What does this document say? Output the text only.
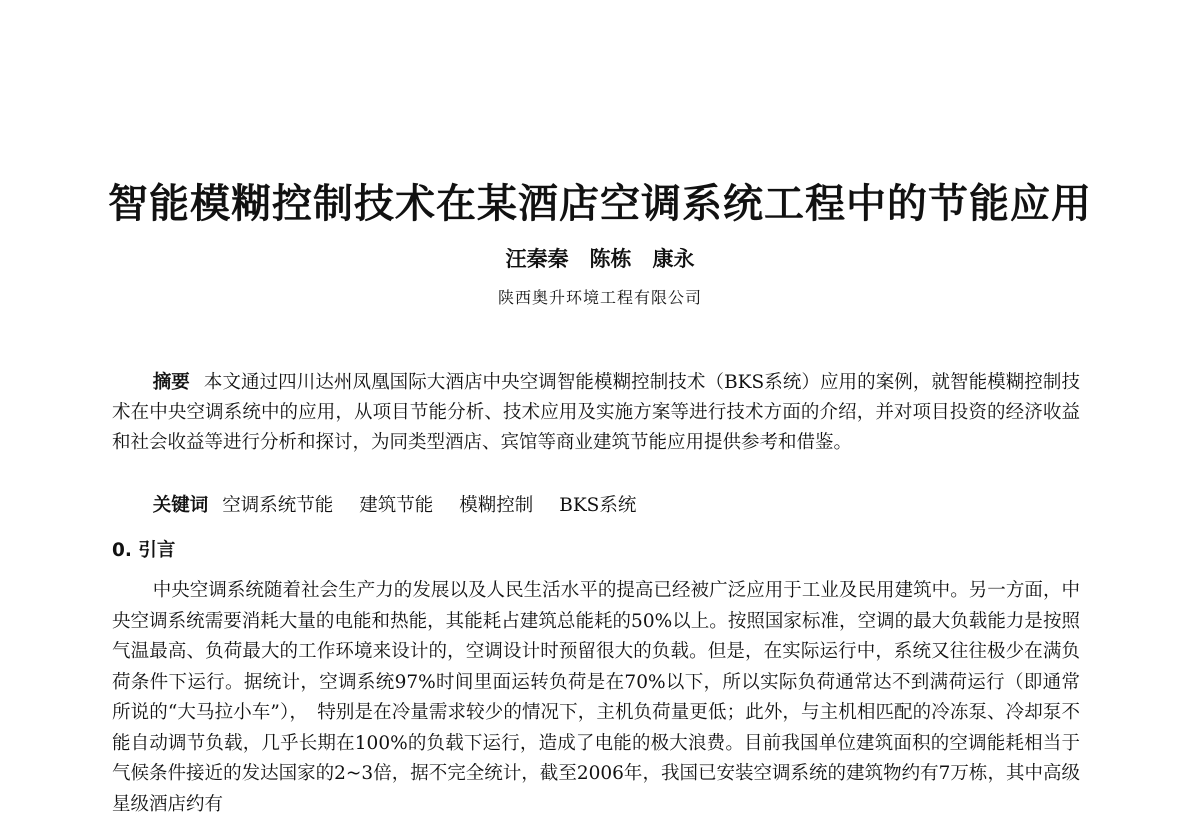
智能模糊控制技术在某酒店空调系统工程中的节能应用
汪秦秦　陈栋　康永
陕西奥升环境工程有限公司

摘要 本文通过四川达州凤凰国际大酒店中央空调智能模糊控制技术（BKS系统）应用的案例，就智能模糊控制技术在中央空调系统中的应用，从项目节能分析、技术应用及实施方案等进行技术方面的介绍，并对项目投资的经济收益和社会收益等进行分析和探讨，为同类型酒店、宾馆等商业建筑节能应用提供参考和借鉴。

关键词 空调系统节能 建筑节能 模糊控制 BKS系统

0. 引言

中央空调系统随着社会生产力的发展以及人民生活水平的提高已经被广泛应用于工业及民用建筑中。另一方面，中央空调系统需要消耗大量的电能和热能，其能耗占建筑总能耗的50%以上。按照国家标准，空调的最大负载能力是按照气温最高、负荷最大的工作环境来设计的，空调设计时预留很大的负载。但是，在实际运行中，系统又往往极少在满负荷条件下运行。据统计，空调系统97%时间里面运转负荷是在70%以下，所以实际负荷通常达不到满荷运行（即通常所说的“大马拉小车”），　特别是在冷量需求较少的情况下，主机负荷量更低；此外，与主机相匹配的冷冻泵、冷却泵不能自动调节负载，几乎长期在100%的负载下运行，造成了电能的极大浪费。目前我国单位建筑面积的空调能耗相当于气候条件接近的发达国家的2~3倍，据不完全统计，截至2006年，我国已安装空调系统的建筑物约有7万栋，其中高级星级酒店约有
